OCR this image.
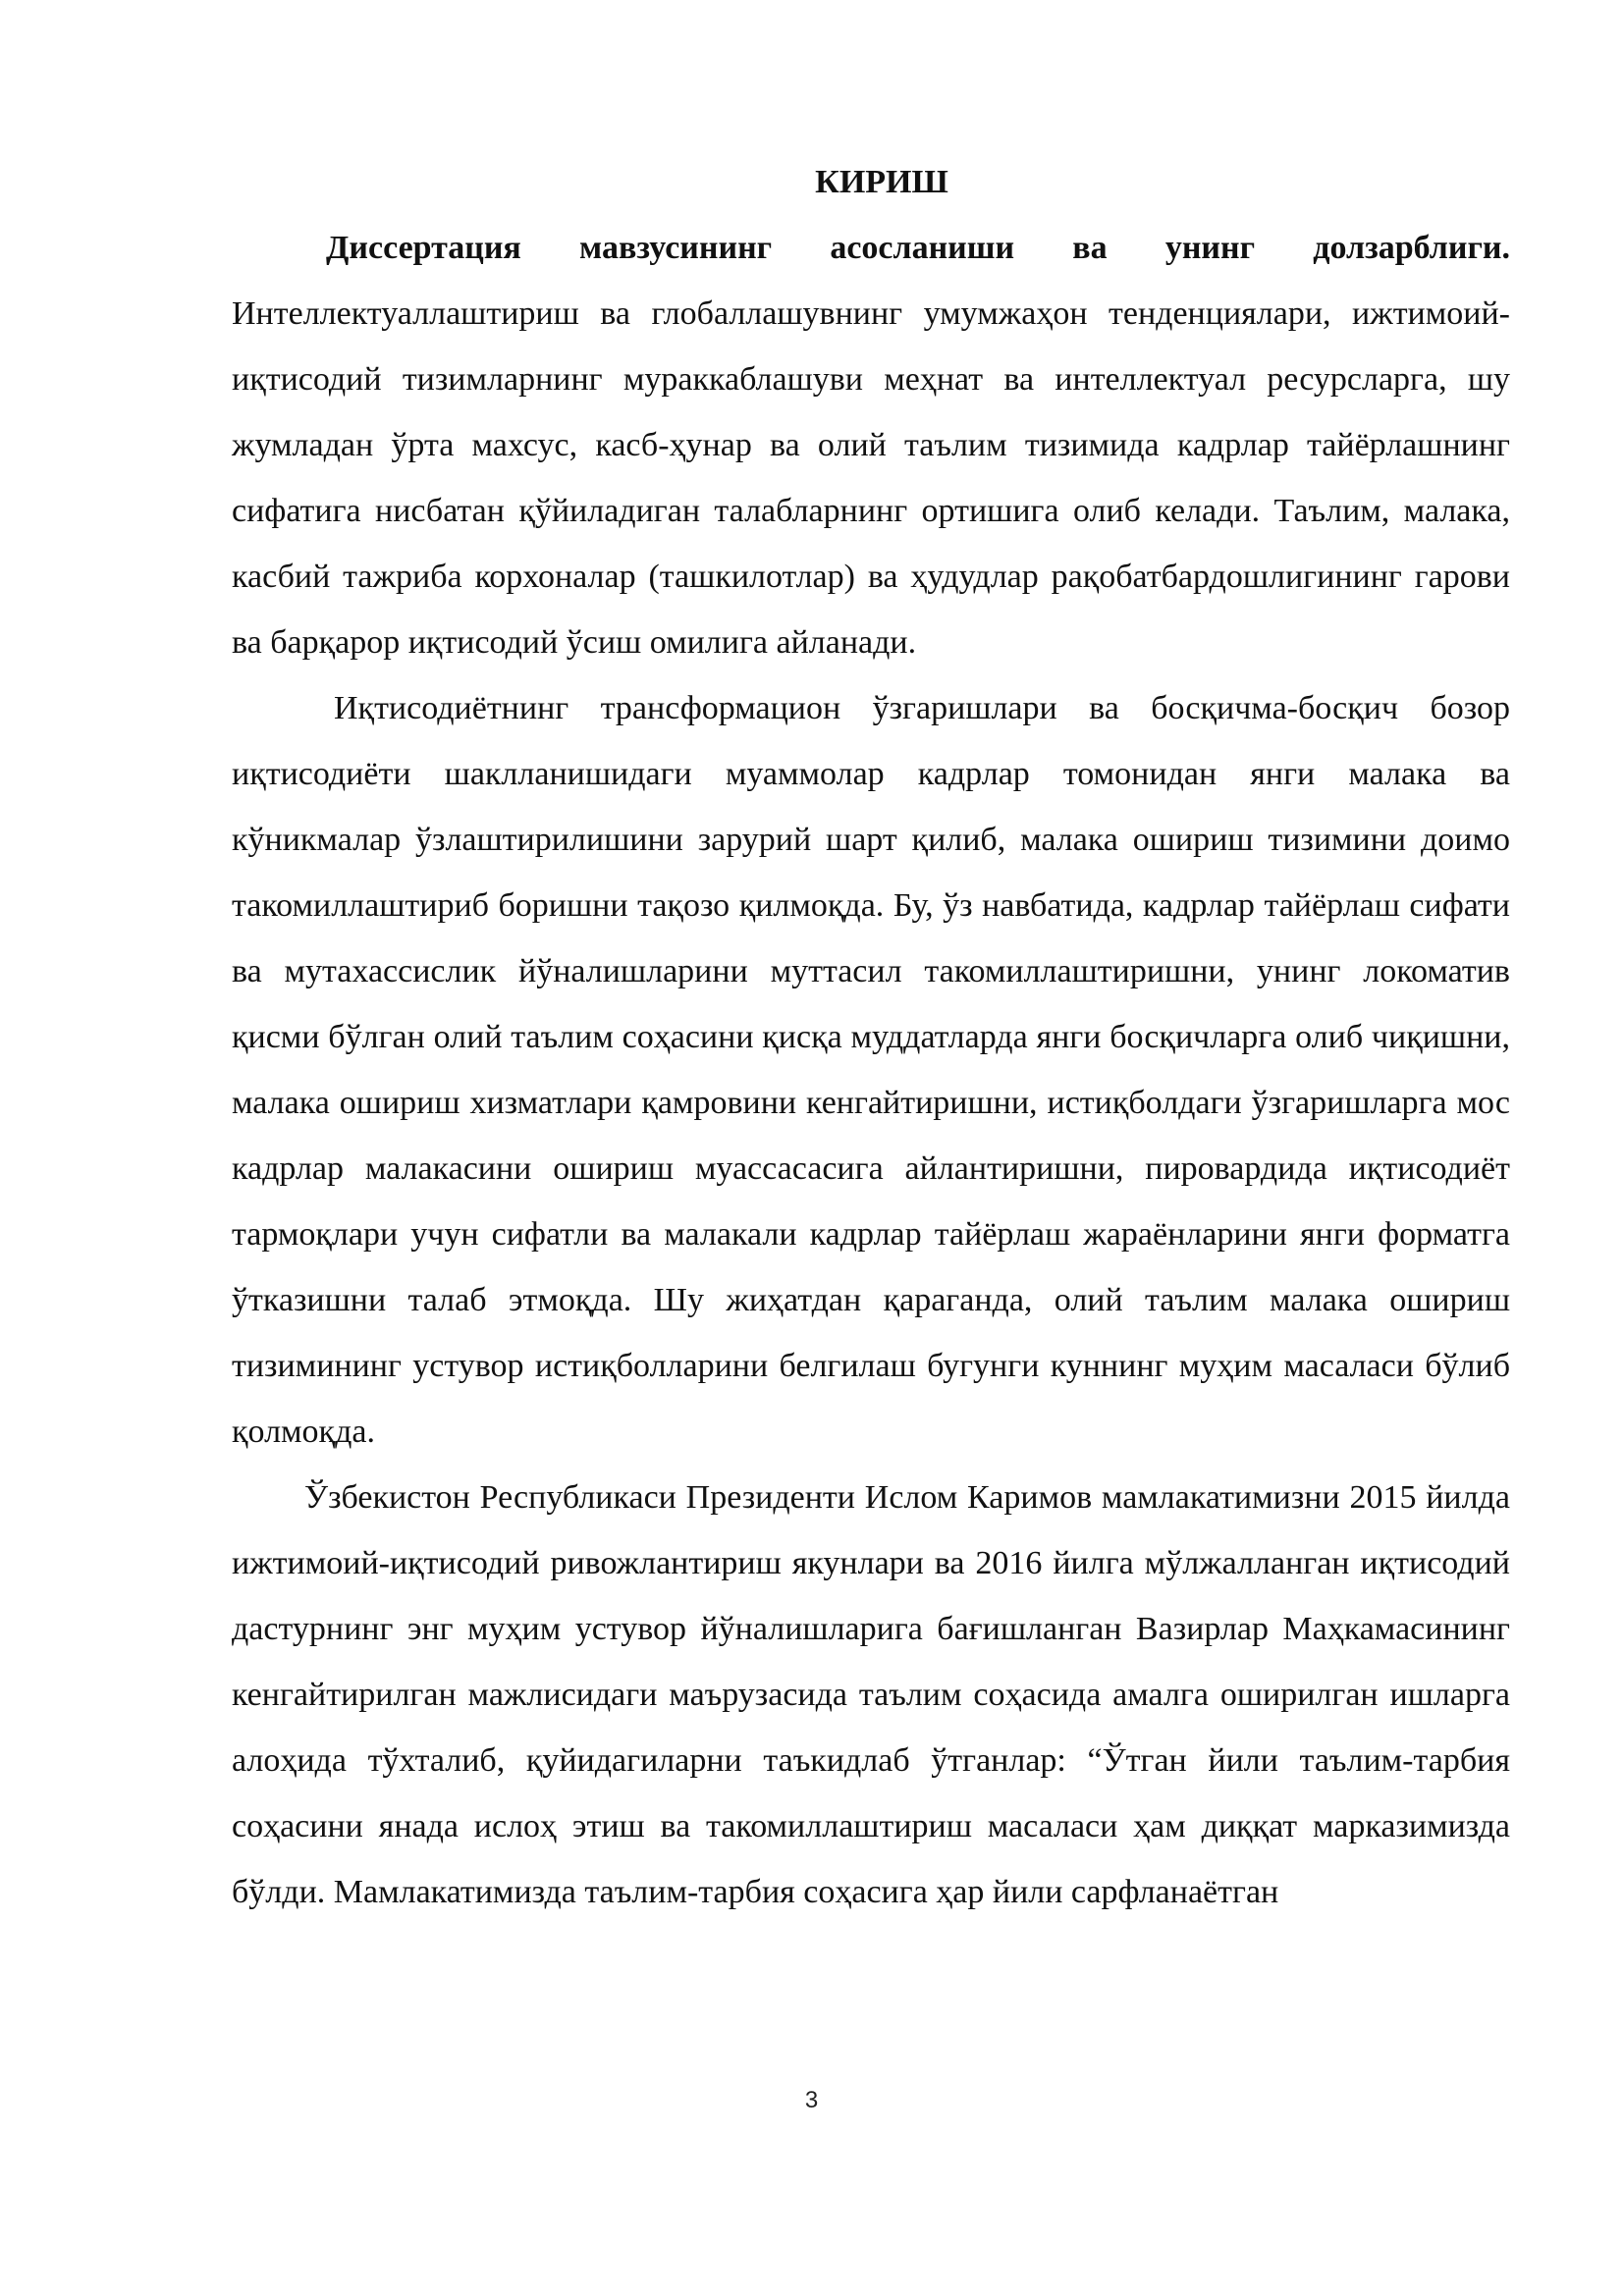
КИРИШ

Диссертация мавзусининг асосланиши ва унинг долзарблиги. Интеллектуаллаштириш ва глобаллашувнинг умумжаҳон тенденциялари, ижтимоий-иқтисодий тизимларнинг мураккаблашуви меҳнат ва интеллектуал ресурсларга, шу жумладан ўрта махсус, касб-ҳунар ва олий таълим тизимида кадрлар тайёрлашнинг сифатига нисбатан қўйиладиган талабларнинг ортишига олиб келади. Таълим, малака, касбий тажриба корхоналар (ташкилотлар) ва ҳудудлар рақобатбардошлигининг гарови ва барқарор иқтисодий ўсиш омилига айланади.

Иқтисодиётнинг трансформацион ўзгаришлари ва босқичма-босқич бозор иқтисодиёти шаклланишидаги муаммолар кадрлар томонидан янги малака ва кўникмалар ўзлаштирилишини зарурий шарт қилиб, малака ошириш тизимини доимо такомиллаштириб боришни тақозо қилмоқда. Бу, ўз навбатида, кадрлар тайёрлаш сифати ва мутахассислик йўналишларини муттасил такомиллаштиришни, унинг локоматив қисми бўлган олий таълим соҳасини қисқа муддатларда янги босқичларга олиб чиқишни, малака ошириш хизматлари қамровини кенгайтиришни, истиқболдаги ўзгаришларга мос кадрлар малакасини ошириш муассасасига айлантиришни, пировардида иқтисодиёт тармоқлари учун сифатли ва малакали кадрлар тайёрлаш жараёнларини янги форматга ўтказишни талаб этмоқда. Шу жиҳатдан қараганда, олий таълим малака ошириш тизимининг устувор истиқболларини белгилаш бугунги куннинг муҳим масаласи бўлиб қолмоқда.

Ўзбекистон Республикаси Президенти Ислом Каримов мамлакатимизни 2015 йилда ижтимоий-иқтисодий ривожлантириш якунлари ва 2016 йилга мўлжалланган иқтисодий дастурнинг энг муҳим устувор йўналишларига бағишланган Вазирлар Маҳкамасининг кенгайтирилган мажлисидаги маърузасида таълим соҳасида амалга оширилган ишларга алоҳида тўхталиб, қуйидагиларни таъкидлаб ўтганлар: “Ўтган йили таълим-тарбия соҳасини янада ислоҳ этиш ва такомиллаштириш масаласи ҳам диққат марказимизда бўлди. Мамлакатимизда таълим-тарбия соҳасига ҳар йили сарфланаётган

3
